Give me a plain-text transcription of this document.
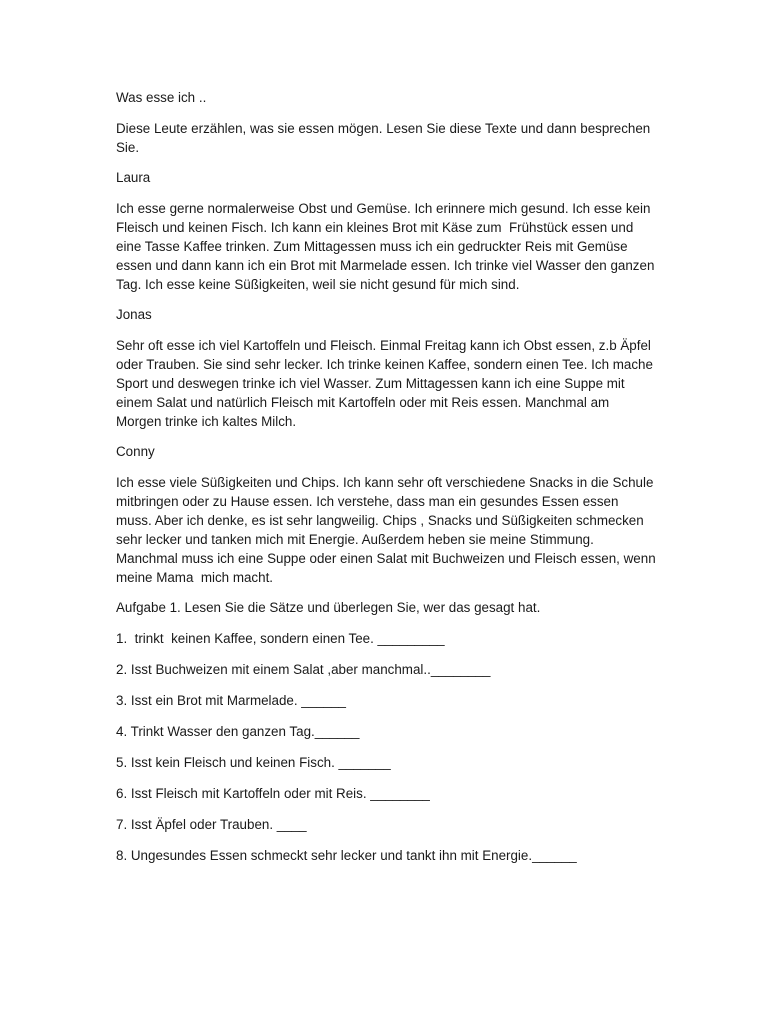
Was esse ich ..

Diese Leute erzählen, was sie essen mögen. Lesen Sie diese Texte und dann besprechen Sie.

Laura

Ich esse gerne normalerweise Obst und Gemüse. Ich erinnere mich gesund. Ich esse kein Fleisch und keinen Fisch. Ich kann ein kleines Brot mit Käse zum  Frühstück essen und eine Tasse Kaffee trinken. Zum Mittagessen muss ich ein gedruckter Reis mit Gemüse essen und dann kann ich ein Brot mit Marmelade essen. Ich trinke viel Wasser den ganzen Tag. Ich esse keine Süßigkeiten, weil sie nicht gesund für mich sind.

Jonas

Sehr oft esse ich viel Kartoffeln und Fleisch. Einmal Freitag kann ich Obst essen, z.b Äpfel oder Trauben. Sie sind sehr lecker. Ich trinke keinen Kaffee, sondern einen Tee. Ich mache Sport und deswegen trinke ich viel Wasser. Zum Mittagessen kann ich eine Suppe mit einem Salat und natürlich Fleisch mit Kartoffeln oder mit Reis essen. Manchmal am Morgen trinke ich kaltes Milch.

Conny

Ich esse viele Süßigkeiten und Chips. Ich kann sehr oft verschiedene Snacks in die Schule mitbringen oder zu Hause essen. Ich verstehe, dass man ein gesundes Essen essen muss. Aber ich denke, es ist sehr langweilig. Chips , Snacks und Süßigkeiten schmecken sehr lecker und tanken mich mit Energie. Außerdem heben sie meine Stimmung. Manchmal muss ich eine Suppe oder einen Salat mit Buchweizen und Fleisch essen, wenn meine Mama  mich macht.

Aufgabe 1. Lesen Sie die Sätze und überlegen Sie, wer das gesagt hat.

1.  trinkt  keinen Kaffee, sondern einen Tee. _________

2. Isst Buchweizen mit einem Salat ,aber manchmal..________

3. Isst ein Brot mit Marmelade. ______

4. Trinkt Wasser den ganzen Tag.______

5. Isst kein Fleisch und keinen Fisch. _______

6. Isst Fleisch mit Kartoffeln oder mit Reis. ________

7. Isst Äpfel oder Trauben. ____

8. Ungesundes Essen schmeckt sehr lecker und tankt ihn mit Energie.______
